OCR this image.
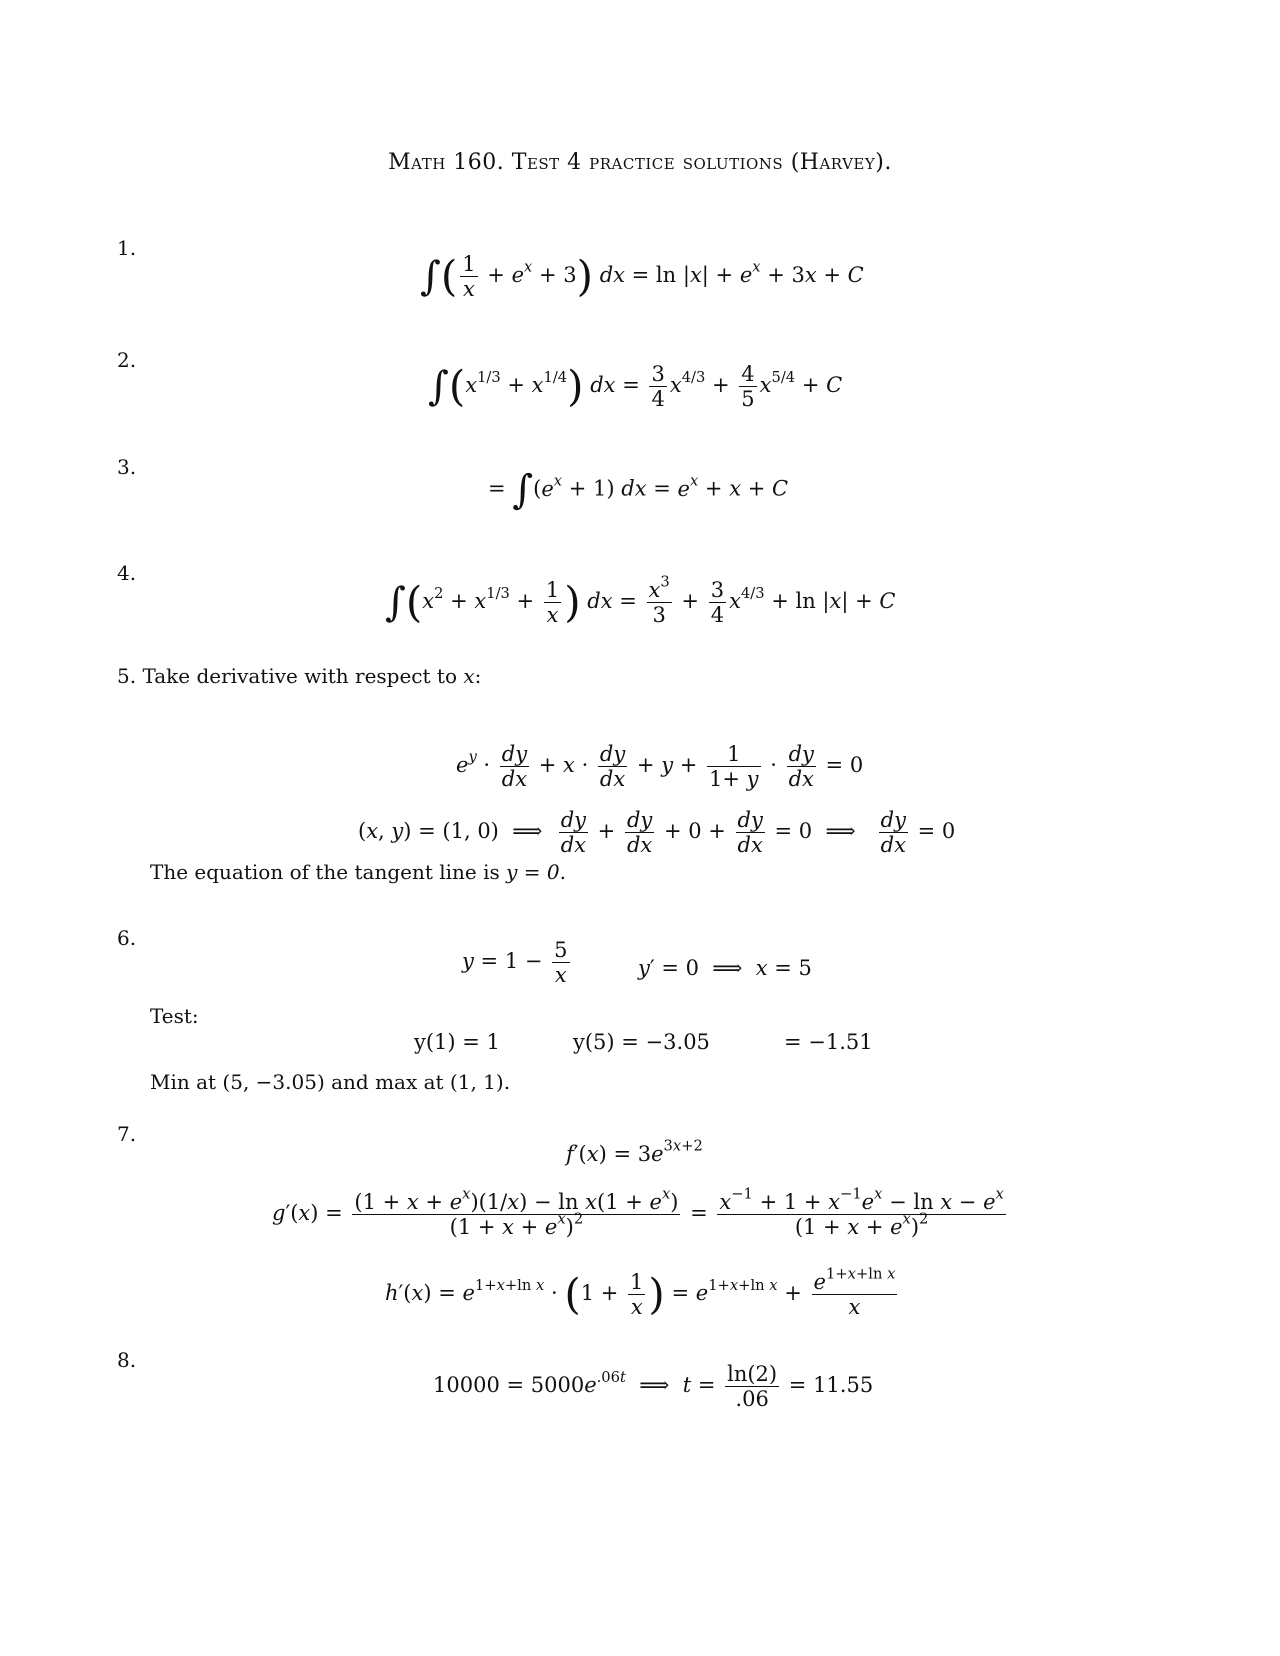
Math 160. Test 4 practice solutions (Harvey).
1.
∫( $\frac{1}{x} + e^x + 3$) dx = $\ln |x| + e^x + 3x + C$
2.
$\int(x^{1/3} + x^{1/4})$ dx = $\frac{3}{4} x^{4/3} + \frac{4}{5} x^{5/4} + C$
3.
= $\int(e^x + 1)$ dx = $e^x + x + C$
4.
$\int(x^2 + x^{1/3} + \frac{1}{x}$ ) dx = $\frac{x^3}{3} + \frac{3}{4} x^{4/3} + \ln |x| + C$
5. Take derivative with respect to x:
$e^y \cdot \frac{dy}{dx} + x \cdot \frac{dy}{dx} + y + \frac{1}{1+ y} \cdot \frac{dy}{dx} = 0$
(x, y) = (1, 0)  ⟹ $\frac{dy}{dx} + \frac{dy}{dx} + 0 + \frac{dy}{dx} = 0$  ⟹ $\frac{dy}{dx} = 0$
The equation of the tangent line is y = 0.
6.
$y = 1 - \frac{5}{x}$	y′ = 0  ⟹  x = 5
Test:
y(1) = 1	y(5) = −3.05	= −1.51
Min at (5, −3.05) and max at (1, 1).
7.
$f'(x) = 3e^{3x+2}$
$g'(x) = \frac{(1 + x + e^x)(1/x) - \ln x(1 + e^x)}{(1 + x + e^x)^2} = \frac{x^{-1} + 1 + x^{-1}e^x - \ln x - e^x}{(1 + x + e^x)^2}$
$h'(x) = e^{1+x+ln x} \cdot (1 + \frac{1}{x}$ ) = $e^{1+x+ln x} + \frac{e^{1+x+ln x}}{x}$
8.
$10000 = 5000e^{.06t}$  ⟹  $t = \frac{\ln(2)}{.06} = 11.55$
